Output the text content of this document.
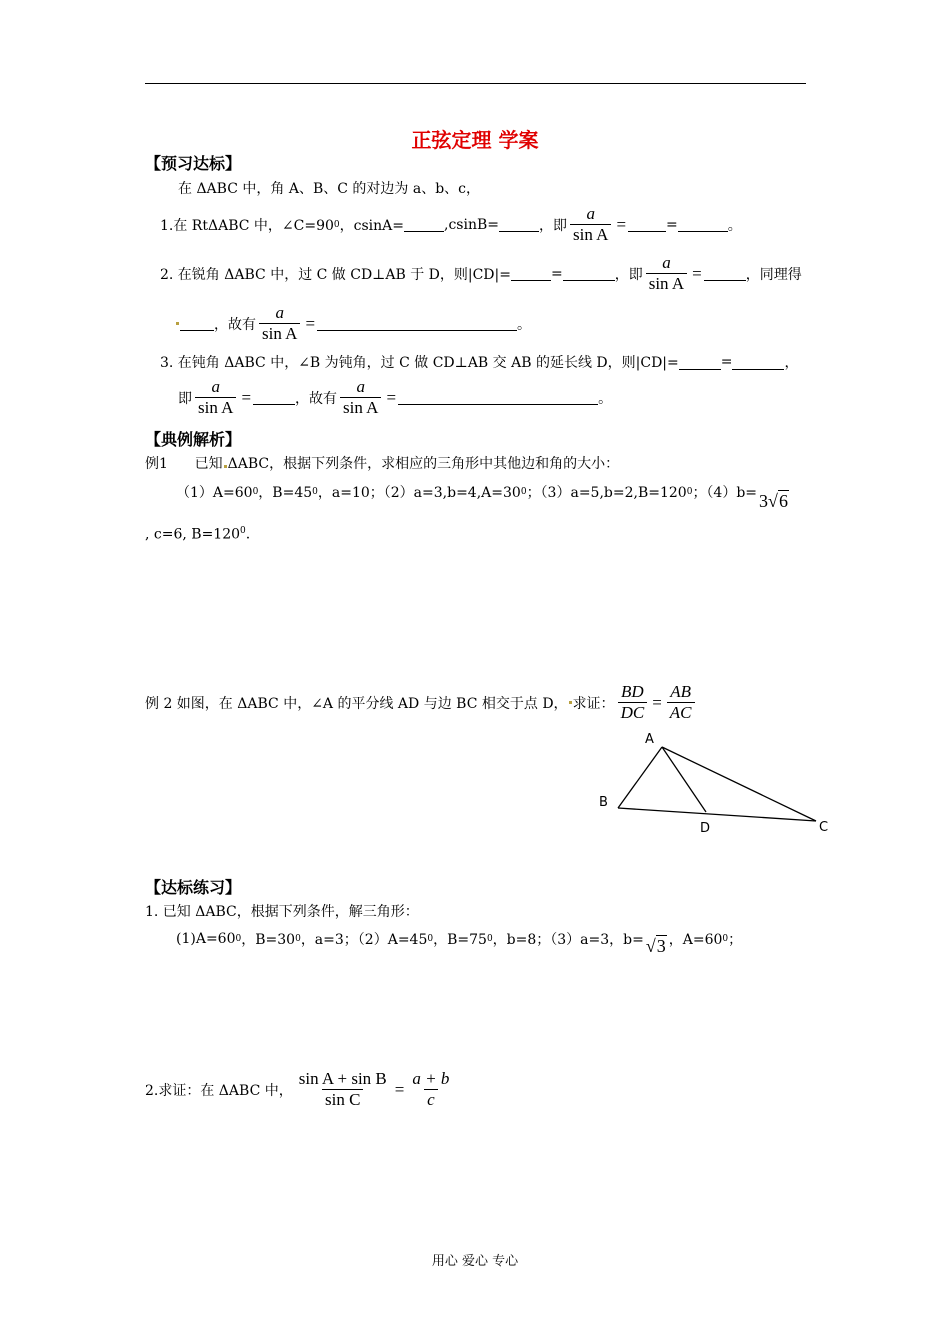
正弦定理 学案
【预习达标】
在 ΔABC 中，角 A、B、C 的对边为 a、b、c，
1.在 RtΔABC 中，∠C=90 0 ，csinA=	,csinB=	，即 $\frac{a}{\text{sin A}}$ =	=	。
2. 在锐角 ΔABC 中，过 C 做 CD⊥AB 于 D，则|CD|=	=	，即 $\frac{a}{\text{sin A}}$ =	，同理得
，故有 $\frac{a}{\text{sin A}}$ =	。
3. 在钝角 ΔABC 中，∠B 为钝角，过 C 做 CD⊥AB 交 AB 的延长线 D，则|CD|=	=	，
即 $\frac{a}{\text{sin A}}$ =	，故有 $\frac{a}{\text{sin A}}$ =	。
【典例解析】
例1 已知 ΔABC，根据下列条件，求相应的三角形中其他边和角的大小：
（1）A=60 0 ，B=45 0 ，a=10；（2）a=3,b=4,A=30 0 ；（3）a=5,b=2,B=120 0 ；（4）b= 3√6
, c=6, $B=120^0$.
例 2 如图，在 ΔABC 中，∠A 的平分线 AD 与边 BC 相交于点 D， 求证： $\frac{BD}{DC} = \frac{AB}{AC}$
A
B
D	C
【达标练习】
1. 已知 ΔABC，根据下列条件，解三角形：
(1)A=60 0 ，B=30 0 ，a=3；（2）A=45 0 ，B=75 0 ，b=8；（3）a=3，b= √3 ，A=60 0 ；
2.求证：在 ΔABC 中， $\frac{\text{sin A + sin B}}{\text{sin C}} = \frac{a + b}{c}$
用心 爱心 专心
